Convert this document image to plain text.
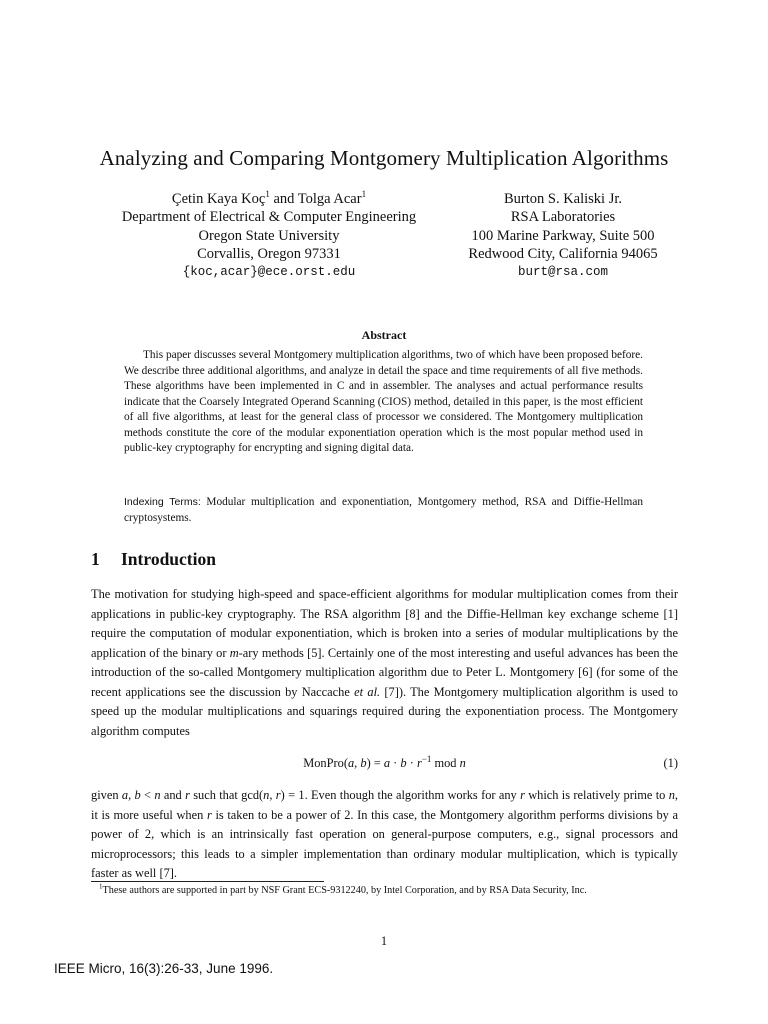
Analyzing and Comparing Montgomery Multiplication Algorithms
Çetin Kaya Koç$^1$ and Tolga Acar$^1$
Department of Electrical & Computer Engineering
Oregon State University
Corvallis, Oregon 97331
{koc,acar}@ece.orst.edu
Burton S. Kaliski Jr.
RSA Laboratories
100 Marine Parkway, Suite 500
Redwood City, California 94065
burt@rsa.com
Abstract
This paper discusses several Montgomery multiplication algorithms, two of which have been proposed before. We describe three additional algorithms, and analyze in detail the space and time requirements of all five methods. These algorithms have been implemented in C and in assembler. The analyses and actual performance results indicate that the Coarsely Integrated Operand Scanning (CIOS) method, detailed in this paper, is the most efficient of all five algorithms, at least for the general class of processor we considered. The Montgomery multiplication methods constitute the core of the modular exponentiation operation which is the most popular method used in public-key cryptography for encrypting and signing digital data.
Indexing Terms: Modular multiplication and exponentiation, Montgomery method, RSA and Diffie-Hellman cryptosystems.
1 Introduction
The motivation for studying high-speed and space-efficient algorithms for modular multiplication comes from their applications in public-key cryptography. The RSA algorithm [8] and the Diffie-Hellman key exchange scheme [1] require the computation of modular exponentiation, which is broken into a series of modular multiplications by the application of the binary or m-ary methods [5]. Certainly one of the most interesting and useful advances has been the introduction of the so-called Montgomery multiplication algorithm due to Peter L. Montgomery [6] (for some of the recent applications see the discussion by Naccache et al. [7]). The Montgomery multiplication algorithm is used to speed up the modular multiplications and squarings required during the exponentiation process. The Montgomery algorithm computes
MonPro(a, $b) = a \cdot b \cdot r^{-1}$ mod n	(1)
given a, b < n and r such that gcd(n, r) = 1. Even though the algorithm works for any r which is relatively prime to n, it is more useful when r is taken to be a power of 2. In this case, the Montgomery algorithm performs divisions by a power of 2, which is an intrinsically fast operation on general-purpose computers, e.g., signal processors and microprocessors; this leads to a simpler implementation than ordinary modular multiplication, which is typically faster as well [7].
$^1$These authors are supported in part by NSF Grant ECS-9312240, by Intel Corporation, and by RSA Data Security, Inc.
1
IEEE Micro, 16(3):26-33, June 1996.
